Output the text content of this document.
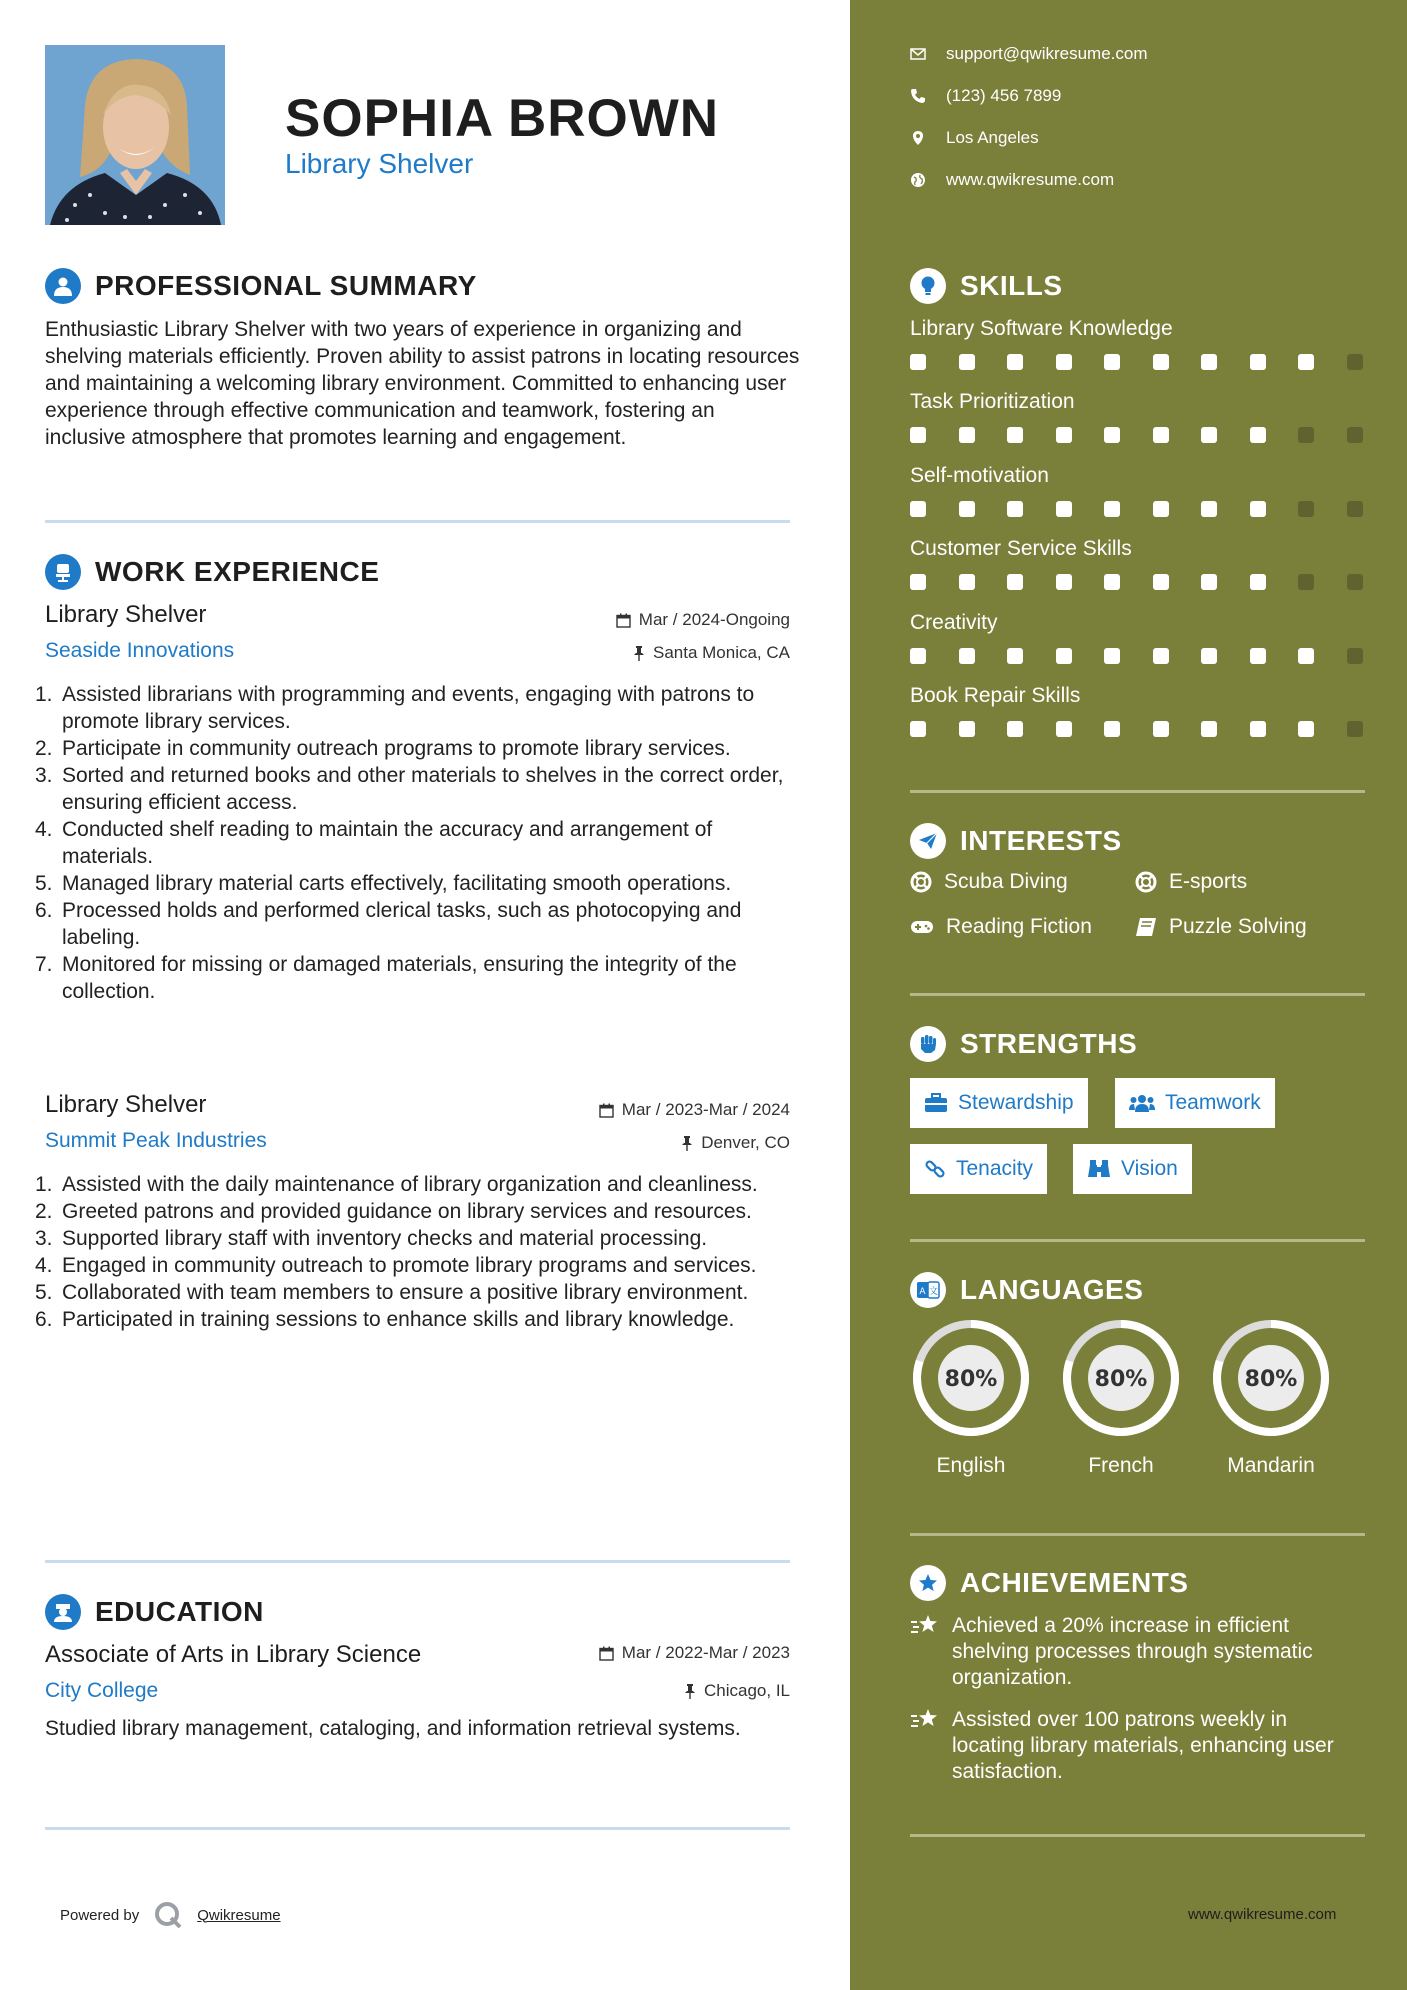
SOPHIA BROWN
Library Shelver
PROFESSIONAL SUMMARY
Enthusiastic Library Shelver with two years of experience in organizing and shelving materials efficiently. Proven ability to assist patrons in locating resources and maintaining a welcoming library environment. Committed to enhancing user experience through effective communication and teamwork, fostering an inclusive atmosphere that promotes learning and engagement.
WORK EXPERIENCE
Library Shelver	Mar / 2024-Ongoing
Seaside Innovations	Santa Monica, CA
1. Assisted librarians with programming and events, engaging with patrons to promote library services.
2. Participate in community outreach programs to promote library services.
3. Sorted and returned books and other materials to shelves in the correct order, ensuring efficient access.
4. Conducted shelf reading to maintain the accuracy and arrangement of materials.
5. Managed library material carts effectively, facilitating smooth operations.
6. Processed holds and performed clerical tasks, such as photocopying and labeling.
7. Monitored for missing or damaged materials, ensuring the integrity of the collection.
Library Shelver	Mar / 2023-Mar / 2024
Summit Peak Industries	Denver, CO
1. Assisted with the daily maintenance of library organization and cleanliness.
2. Greeted patrons and provided guidance on library services and resources.
3. Supported library staff with inventory checks and material processing.
4. Engaged in community outreach to promote library programs and services.
5. Collaborated with team members to ensure a positive library environment.
6. Participated in training sessions to enhance skills and library knowledge.
EDUCATION
Associate of Arts in Library Science	Mar / 2022-Mar / 2023
City College	Chicago, IL
Studied library management, cataloging, and information retrieval systems.
Powered by	Qwikresume
support@qwikresume.com
(123) 456 7899
Los Angeles
www.qwikresume.com
SKILLS
Library Software Knowledge
Task Prioritization
Self-motivation
Customer Service Skills
Creativity
Book Repair Skills
INTERESTS
Scuba Diving	E-sports
Reading Fiction	Puzzle Solving
STRENGTHS
Stewardship	Teamwork
Tenacity	Vision
A 文 LANGUAGES
80%	80%	80%
English	French	Mandarin
ACHIEVEMENTS
Achieved a 20% increase in efficient shelving processes through systematic organization.
Assisted over 100 patrons weekly in locating library materials, enhancing user satisfaction.
www.qwikresume.com
